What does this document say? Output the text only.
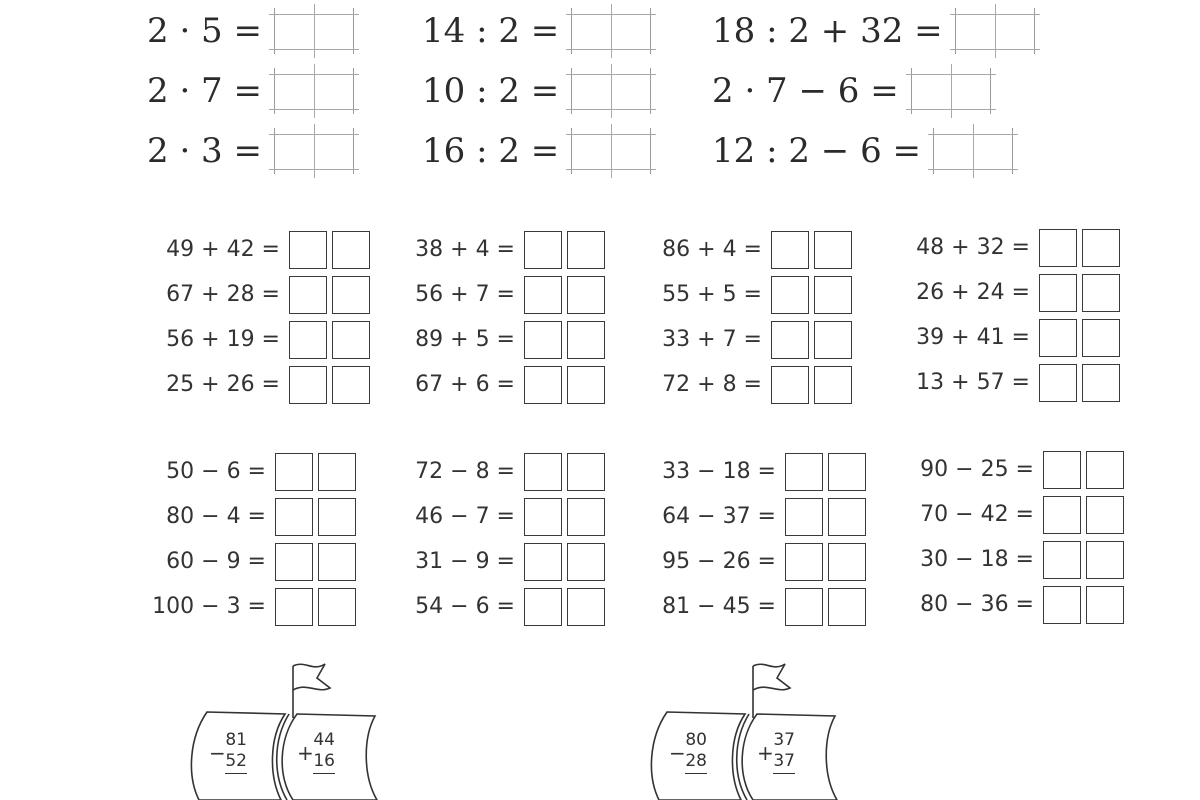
2 · 5 =
2 · 7 =
2 · 3 =
14 : 2 =
10 : 2 =
16 : 2 =
18 : 2 + 32 =
2 · 7 − 6 =
12 : 2 − 6 =
49 + 42 =
67 + 28 =
56 + 19 =
25 + 26 =
38 + 4 =
56 + 7 =
89 + 5 =
67 + 6 =
86 + 4 =
55 + 5 =
33 + 7 =
72 + 8 =
48 + 32 =
26 + 24 =
39 + 41 =
13 + 57 =
50 − 6 =
80 − 4 =
60 − 9 =
100 − 3 =
72 − 8 =
46 − 7 =
31 − 9 =
54 − 6 =
33 − 18 =
64 − 37 =
95 − 26 =
81 − 45 =
90 − 25 =
70 − 42 =
30 − 18 =
80 − 36 =
−
81
52	+
44
16	−
80
28	+
37
37
